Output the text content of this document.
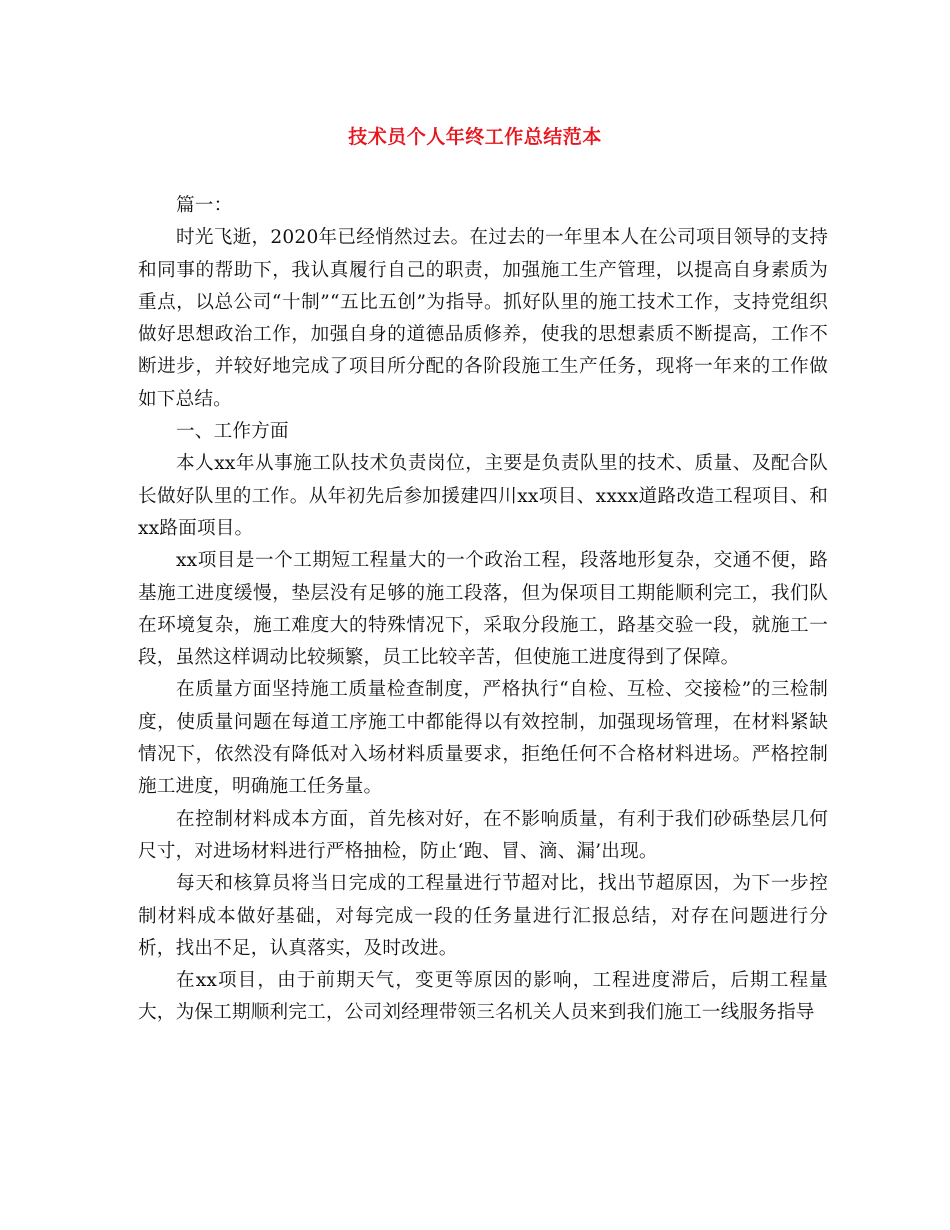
技术员个人年终工作总结范本

篇一：

时光飞逝，2020年已经悄然过去。在过去的一年里本人在公司项目领导的支持和同事的帮助下，我认真履行自己的职责，加强施工生产管理，以提高自身素质为重点，以总公司“十制”“五比五创”为指导。抓好队里的施工技术工作，支持党组织做好思想政治工作，加强自身的道德品质修养，使我的思想素质不断提高，工作不断进步，并较好地完成了项目所分配的各阶段施工生产任务，现将一年来的工作做如下总结。

一、工作方面

本人xx年从事施工队技术负责岗位，主要是负责队里的技术、质量、及配合队长做好队里的工作。从年初先后参加援建四川xx项目、xxxx道路改造工程项目、和xx路面项目。

xx项目是一个工期短工程量大的一个政治工程，段落地形复杂，交通不便，路基施工进度缓慢，垫层没有足够的施工段落，但为保项目工期能顺利完工，我们队在环境复杂，施工难度大的特殊情况下，采取分段施工，路基交验一段，就施工一段，虽然这样调动比较频繁，员工比较辛苦，但使施工进度得到了保障。

在质量方面坚持施工质量检查制度，严格执行“自检、互检、交接检”的三检制度，使质量问题在每道工序施工中都能得以有效控制，加强现场管理，在材料紧缺情况下，依然没有降低对入场材料质量要求，拒绝任何不合格材料进场。严格控制施工进度，明确施工任务量。

在控制材料成本方面，首先核对好，在不影响质量，有利于我们砂砾垫层几何尺寸，对进场材料进行严格抽检，防止‘跑、冒、滴、漏’出现。

每天和核算员将当日完成的工程量进行节超对比，找出节超原因，为下一步控制材料成本做好基础，对每完成一段的任务量进行汇报总结，对存在问题进行分析，找出不足，认真落实，及时改进。

在xx项目，由于前期天气，变更等原因的影响，工程进度滞后，后期工程量大，为保工期顺利完工，公司刘经理带领三名机关人员来到我们施工一线服务指导
